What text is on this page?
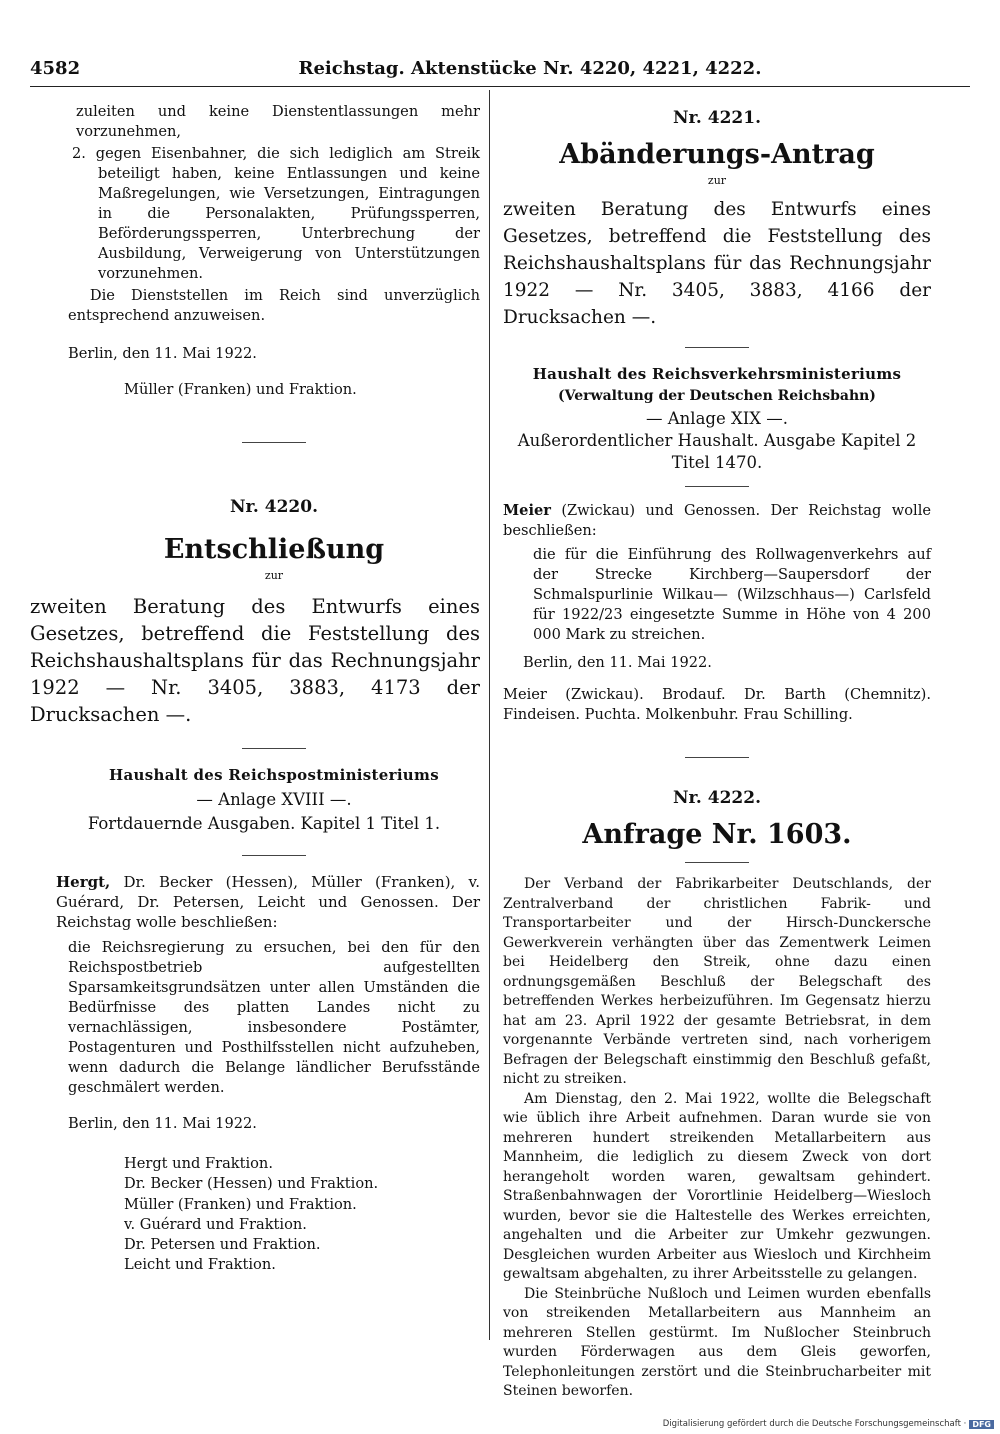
4582	Reichstag. Aktenstücke Nr. 4220, 4221, 4222.

zuleiten und keine Dienstentlassungen mehr vorzunehmen,

2. gegen Eisenbahner, die sich lediglich am Streik beteiligt haben, keine Entlassungen und keine Maßregelungen, wie Versetzungen, Eintragungen in die Personalakten, Prüfungssperren, Beförderungssperren, Unterbrechung der Ausbildung, Verweigerung von Unterstützungen vorzunehmen.

Die Dienststellen im Reich sind unverzüglich entsprechend anzuweisen.

Berlin, den 11. Mai 1922.

Müller (Franken) und Fraktion.

Nr. 4220.
Entschließung
zur

zweiten Beratung des Entwurfs eines Gesetzes, betreffend die Feststellung des Reichshaushaltsplans für das Rechnungsjahr 1922 — Nr. 3405, 3883, 4173 der Drucksachen —.

Haushalt des Reichspostministeriums
— Anlage XVIII —.

Fortdauernde Ausgaben. Kapitel 1 Titel 1.

Hergt, Dr. Becker (Hessen), Müller (Franken), v. Guérard, Dr. Petersen, Leicht und Genossen. Der Reichstag wolle beschließen:

die Reichsregierung zu ersuchen, bei den für den Reichspostbetrieb aufgestellten Sparsamkeitsgrundsätzen unter allen Umständen die Bedürfnisse des platten Landes nicht zu vernachlässigen, insbesondere Postämter, Postagenturen und Posthilfsstellen nicht aufzuheben, wenn dadurch die Belange ländlicher Berufsstände geschmälert werden.

Berlin, den 11. Mai 1922.

Hergt und Fraktion.
Dr. Becker (Hessen) und Fraktion.
Müller (Franken) und Fraktion.
v. Guérard und Fraktion.
Dr. Petersen und Fraktion.
Leicht und Fraktion.
Nr. 4221.
Abänderungs-Antrag
zur

zweiten Beratung des Entwurfs eines Gesetzes, betreffend die Feststellung des Reichshaushaltsplans für das Rechnungsjahr 1922 — Nr. 3405, 3883, 4166 der Drucksachen —.

Haushalt des Reichsverkehrsministeriums
(Verwaltung der Deutschen Reichsbahn)
— Anlage XIX —.

Außerordentlicher Haushalt. Ausgabe Kapitel 2 Titel 1470.

Meier (Zwickau) und Genossen. Der Reichstag wolle beschließen:

die für die Einführung des Rollwagenverkehrs auf der Strecke Kirchberg—Saupersdorf der Schmalspurlinie Wilkau— (Wilzschhaus—) Carlsfeld für 1922/23 eingesetzte Summe in Höhe von 4 200 000 Mark zu streichen.

Berlin, den 11. Mai 1922.

Meier (Zwickau). Brodauf. Dr. Barth (Chemnitz). Findeisen. Puchta. Molkenbuhr. Frau Schilling.

Nr. 4222.
Anfrage Nr. 1603.

Der Verband der Fabrikarbeiter Deutschlands, der Zentralverband der christlichen Fabrik- und Transportarbeiter und der Hirsch-Dunckersche Gewerkverein verhängten über das Zementwerk Leimen bei Heidelberg den Streik, ohne dazu einen ordnungsgemäßen Beschluß der Belegschaft des betreffenden Werkes herbeizuführen. Im Gegensatz hierzu hat am 23. April 1922 der gesamte Betriebsrat, in dem vorgenannte Verbände vertreten sind, nach vorherigem Befragen der Belegschaft einstimmig den Beschluß gefaßt, nicht zu streiken.

Am Dienstag, den 2. Mai 1922, wollte die Belegschaft wie üblich ihre Arbeit aufnehmen. Daran wurde sie von mehreren hundert streikenden Metallarbeitern aus Mannheim, die lediglich zu diesem Zweck von dort herangeholt worden waren, gewaltsam gehindert. Straßenbahnwagen der Vorortlinie Heidelberg—Wiesloch wurden, bevor sie die Haltestelle des Werkes erreichten, angehalten und die Arbeiter zur Umkehr gezwungen. Desgleichen wurden Arbeiter aus Wiesloch und Kirchheim gewaltsam abgehalten, zu ihrer Arbeitsstelle zu gelangen.

Die Steinbrüche Nußloch und Leimen wurden ebenfalls von streikenden Metallarbeitern aus Mannheim an mehreren Stellen gestürmt. Im Nußlocher Steinbruch wurden Förderwagen aus dem Gleis geworfen, Telephonleitungen zerstört und die Steinbrucharbeiter mit Steinen beworfen.

Digitalisierung gefördert durch die Deutsche Forschungsgemeinschaft · DFG
